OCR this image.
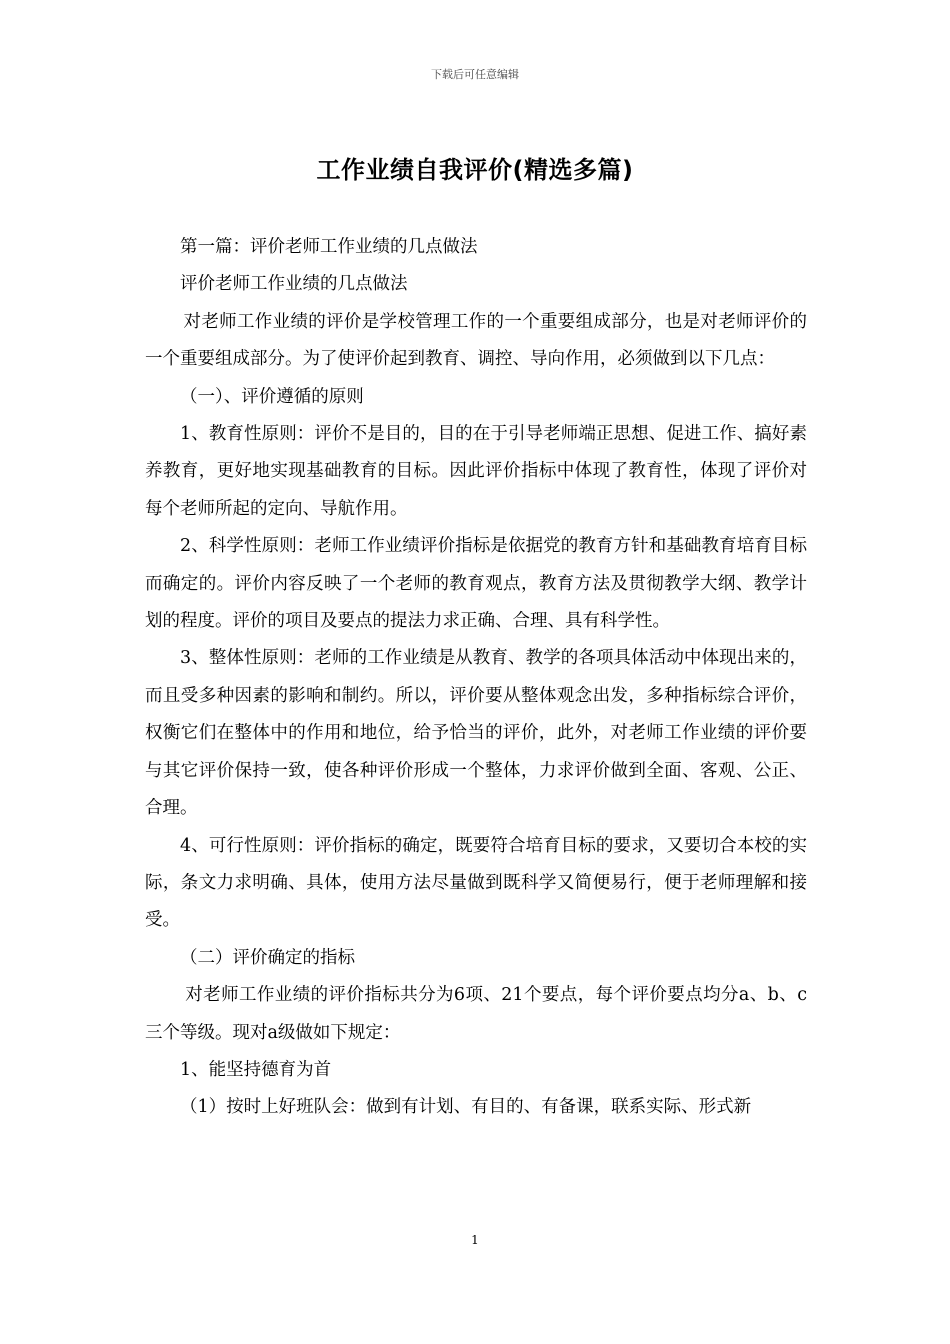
下载后可任意编辑
工作业绩自我评价(精选多篇)

第一篇：评价老师工作业绩的几点做法

评价老师工作业绩的几点做法

对老师工作业绩的评价是学校管理工作的一个重要组成部分，也是对老师评价的一个重要组成部分。为了使评价起到教育、调控、导向作用，必须做到以下几点：

（一）、评价遵循的原则

1、教育性原则：评价不是目的，目的在于引导老师端正思想、促进工作、搞好素养教育，更好地实现基础教育的目标。因此评价指标中体现了教育性，体现了评价对每个老师所起的定向、导航作用。

2、科学性原则：老师工作业绩评价指标是依据党的教育方针和基础教育培育目标而确定的。评价内容反映了一个老师的教育观点，教育方法及贯彻教学大纲、教学计划的程度。评价的项目及要点的提法力求正确、合理、具有科学性。

3、整体性原则：老师的工作业绩是从教育、教学的各项具体活动中体现出来的，而且受多种因素的影响和制约。所以，评价要从整体观念出发，多种指标综合评价，权衡它们在整体中的作用和地位，给予恰当的评价，此外，对老师工作业绩的评价要与其它评价保持一致，使各种评价形成一个整体，力求评价做到全面、客观、公正、合理。

4、可行性原则：评价指标的确定，既要符合培育目标的要求，又要切合本校的实际，条文力求明确、具体，使用方法尽量做到既科学又简便易行，便于老师理解和接受。

（二）评价确定的指标

对老师工作业绩的评价指标共分为6项、21个要点，每个评价要点均分a、b、c三个等级。现对a级做如下规定：

1、能坚持德育为首

（1）按时上好班队会：做到有计划、有目的、有备课，联系实际、形式新

1
